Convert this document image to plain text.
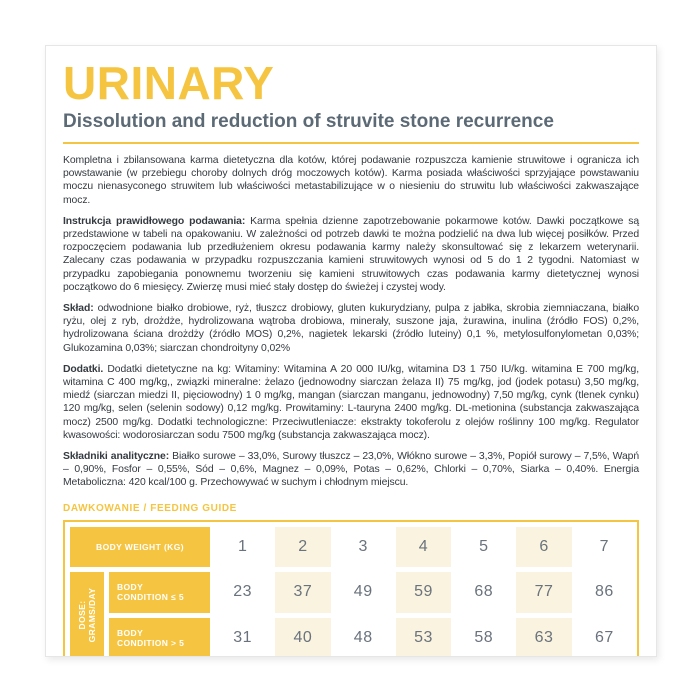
URINARY
Dissolution and reduction of struvite stone recurrence

Kompletna i zbilansowana karma dietetyczna dla kotów, której podawanie rozpuszcza kamienie struwitowe i ogranicza ich powstawanie (w przebiegu choroby dolnych dróg moczowych kotów). Karma posiada właściwości sprzyjające powstawaniu moczu nienasyconego struwitem lub właściwości metastabilizujące w o niesieniu do struwitu lub właściwości zakwaszające mocz.

Instrukcja prawidłowego podawania: Karma spełnia dzienne zapotrzebowanie pokarmowe kotów. Dawki początkowe są przedstawione w tabeli na opakowaniu. W zależności od potrzeb dawki te można podzielić na dwa lub więcej posiłków. Przed rozpoczęciem podawania lub przedłużeniem okresu podawania karmy należy skonsultować się z lekarzem weterynarii. Zalecany czas podawania w przypadku rozpuszczania kamieni struwitowych wynosi od 5 do 1 2 tygodni. Natomiast w przypadku zapobiegania ponownemu tworzeniu się kamieni struwitowych czas podawania karmy dietetycznej wynosi początkowo do 6 miesięcy. Zwierzę musi mieć stały dostęp do świeżej i czystej wody.

Skład: odwodnione białko drobiowe, ryż, tłuszcz drobiowy, gluten kukurydziany, pulpa z jabłka, skrobia ziemniaczana, białko ryżu, olej z ryb, drożdże, hydrolizowana wątroba drobiowa, minerały, suszone jaja, żurawina, inulina (źródło FOS) 0,2%, hydrolizowana ściana drożdży (źródło MOS) 0,2%, nagietek lekarski (źródło luteiny) 0,1 %, metylosulfonylometan 0,03%; Glukozamina 0,03%; siarczan chondroityny 0,02%

Dodatki. Dodatki dietetyczne na kg: Witaminy: Witamina A 20 000 IU/kg, witamina D3 1 750 IU/kg. witamina E 700 mg/kg, witamina C 400 mg/kg,, związki mineralne: żelazo (jednowodny siarczan żelaza II) 75 mg/kg, jod (jodek potasu) 3,50 mg/kg, miedź (siarczan miedzi II, pięciowodny) 1 0 mg/kg, mangan (siarczan manganu, jednowodny) 7,50 mg/kg, cynk (tlenek cynku) 120 mg/kg, selen (selenin sodowy) 0,12 mg/kg. Prowitaminy: L-tauryna 2400 mg/kg. DL-metionina (substancja zakwaszająca mocz) 2500 mg/kg. Dodatki technologiczne: Przeciwutleniacze: ekstrakty tokoferolu z olejów roślinny 100 mg/kg. Regulator kwasowości: wodorosiarczan sodu 7500 mg/kg (substancja zakwaszająca mocz).

Składniki analityczne: Białko surowe – 33,0%, Surowy tłuszcz – 23,0%, Włókno surowe – 3,3%, Popiół surowy – 7,5%, Wapń – 0,90%, Fosfor – 0,55%, Sód – 0,6%, Magnez – 0,09%, Potas – 0,62%, Chlorki – 0,70%, Siarka – 0,40%. Energia Metaboliczna: 420 kcal/100 g. Przechowywać w suchym i chłodnym miejscu.

DAWKOWANIE / FEEDING GUIDE
BODY WEIGHT (KG)	1	2	3	4	5	6	7
DOSE: GRAMS/DAY
BODY
CONDITION ≤ 5	23	37	49	59	68	77	86
BODY
CONDITION > 5	31	40	48	53	58	63	67
